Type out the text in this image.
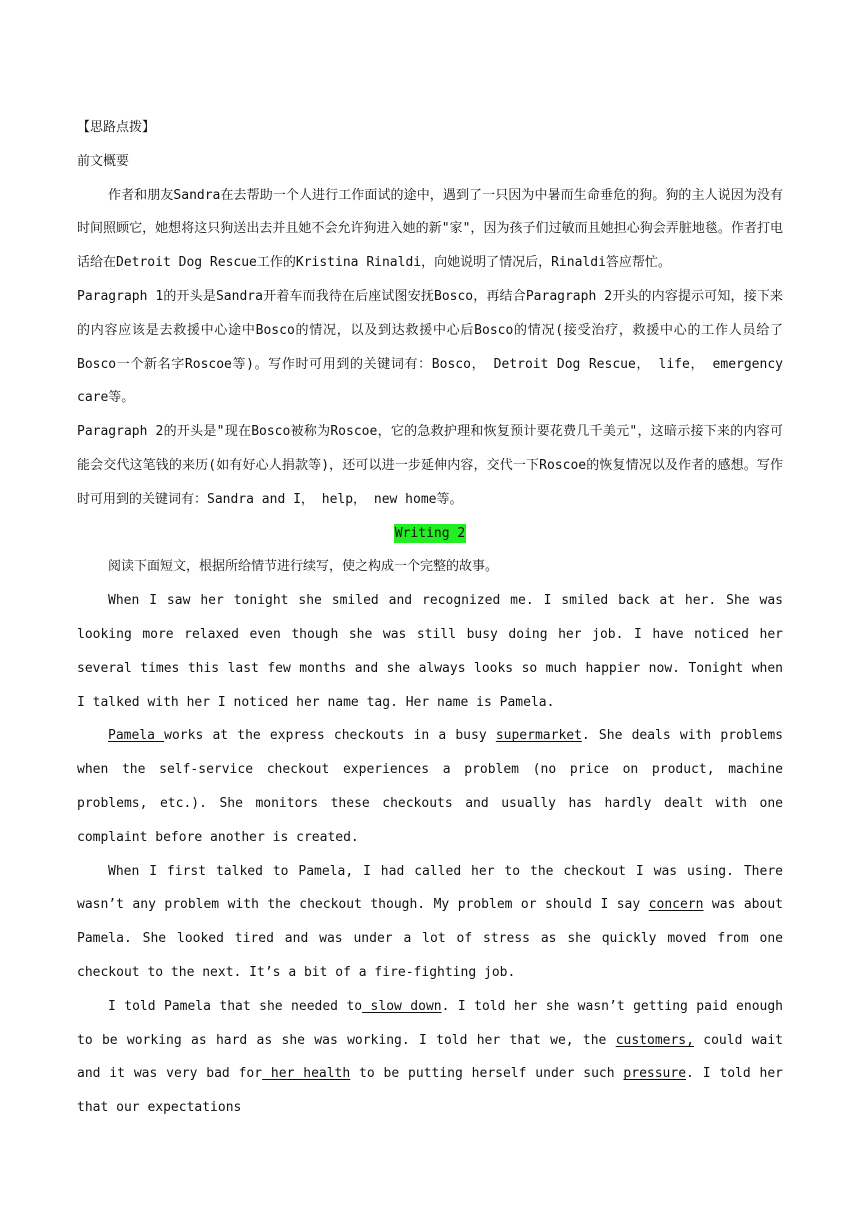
【思路点拨】

前文概要

作者和朋友Sandra在去帮助一个人进行工作面试的途中，遇到了一只因为中暑而生命垂危的狗。狗的主人说因为没有时间照顾它，她想将这只狗送出去并且她不会允许狗进入她的新"家"，因为孩子们过敏而且她担心狗会弄脏地毯。作者打电话给在Detroit Dog Rescue工作的Kristina Rinaldi，向她说明了情况后，Rinaldi答应帮忙。

Paragraph 1的开头是Sandra开着车而我待在后座试图安抚Bosco，再结合Paragraph 2开头的内容提示可知，接下来的内容应该是去救援中心途中Bosco的情况，以及到达救援中心后Bosco的情况(接受治疗，救援中心的工作人员给了Bosco一个新名字Roscoe等)。写作时可用到的关键词有：Bosco， Detroit Dog Rescue， life， emergency care等。

Paragraph 2的开头是"现在Bosco被称为Roscoe，它的急救护理和恢复预计要花费几千美元"，这暗示接下来的内容可能会交代这笔钱的来历(如有好心人捐款等)，还可以进一步延伸内容，交代一下Roscoe的恢复情况以及作者的感想。写作时可用到的关键词有：Sandra and I， help， new home等。

Writing 2

阅读下面短文，根据所给情节进行续写，使之构成一个完整的故事。

When I saw her tonight she smiled and recognized me. I smiled back at her. She was looking more relaxed even though she was still busy doing her job. I have noticed her several times this last few months and she always looks so much happier now. Tonight when I talked with her I noticed her name tag. Her name is Pamela.

Pamela works at the express checkouts in a busy supermarket. She deals with problems when the self-service checkout experiences a problem (no price on product, machine problems, etc.). She monitors these checkouts and usually has hardly dealt with one complaint before another is created.

When I first talked to Pamela, I had called her to the checkout I was using. There wasn’t any problem with the checkout though. My problem or should I say concern was about Pamela. She looked tired and was under a lot of stress as she quickly moved from one checkout to the next. It’s a bit of a fire-fighting job.

I told Pamela that she needed to slow down. I told her she wasn’t getting paid enough to be working as hard as she was working. I told her that we, the customers, could wait and it was very bad for her health to be putting herself under such pressure. I told her that our expectations
